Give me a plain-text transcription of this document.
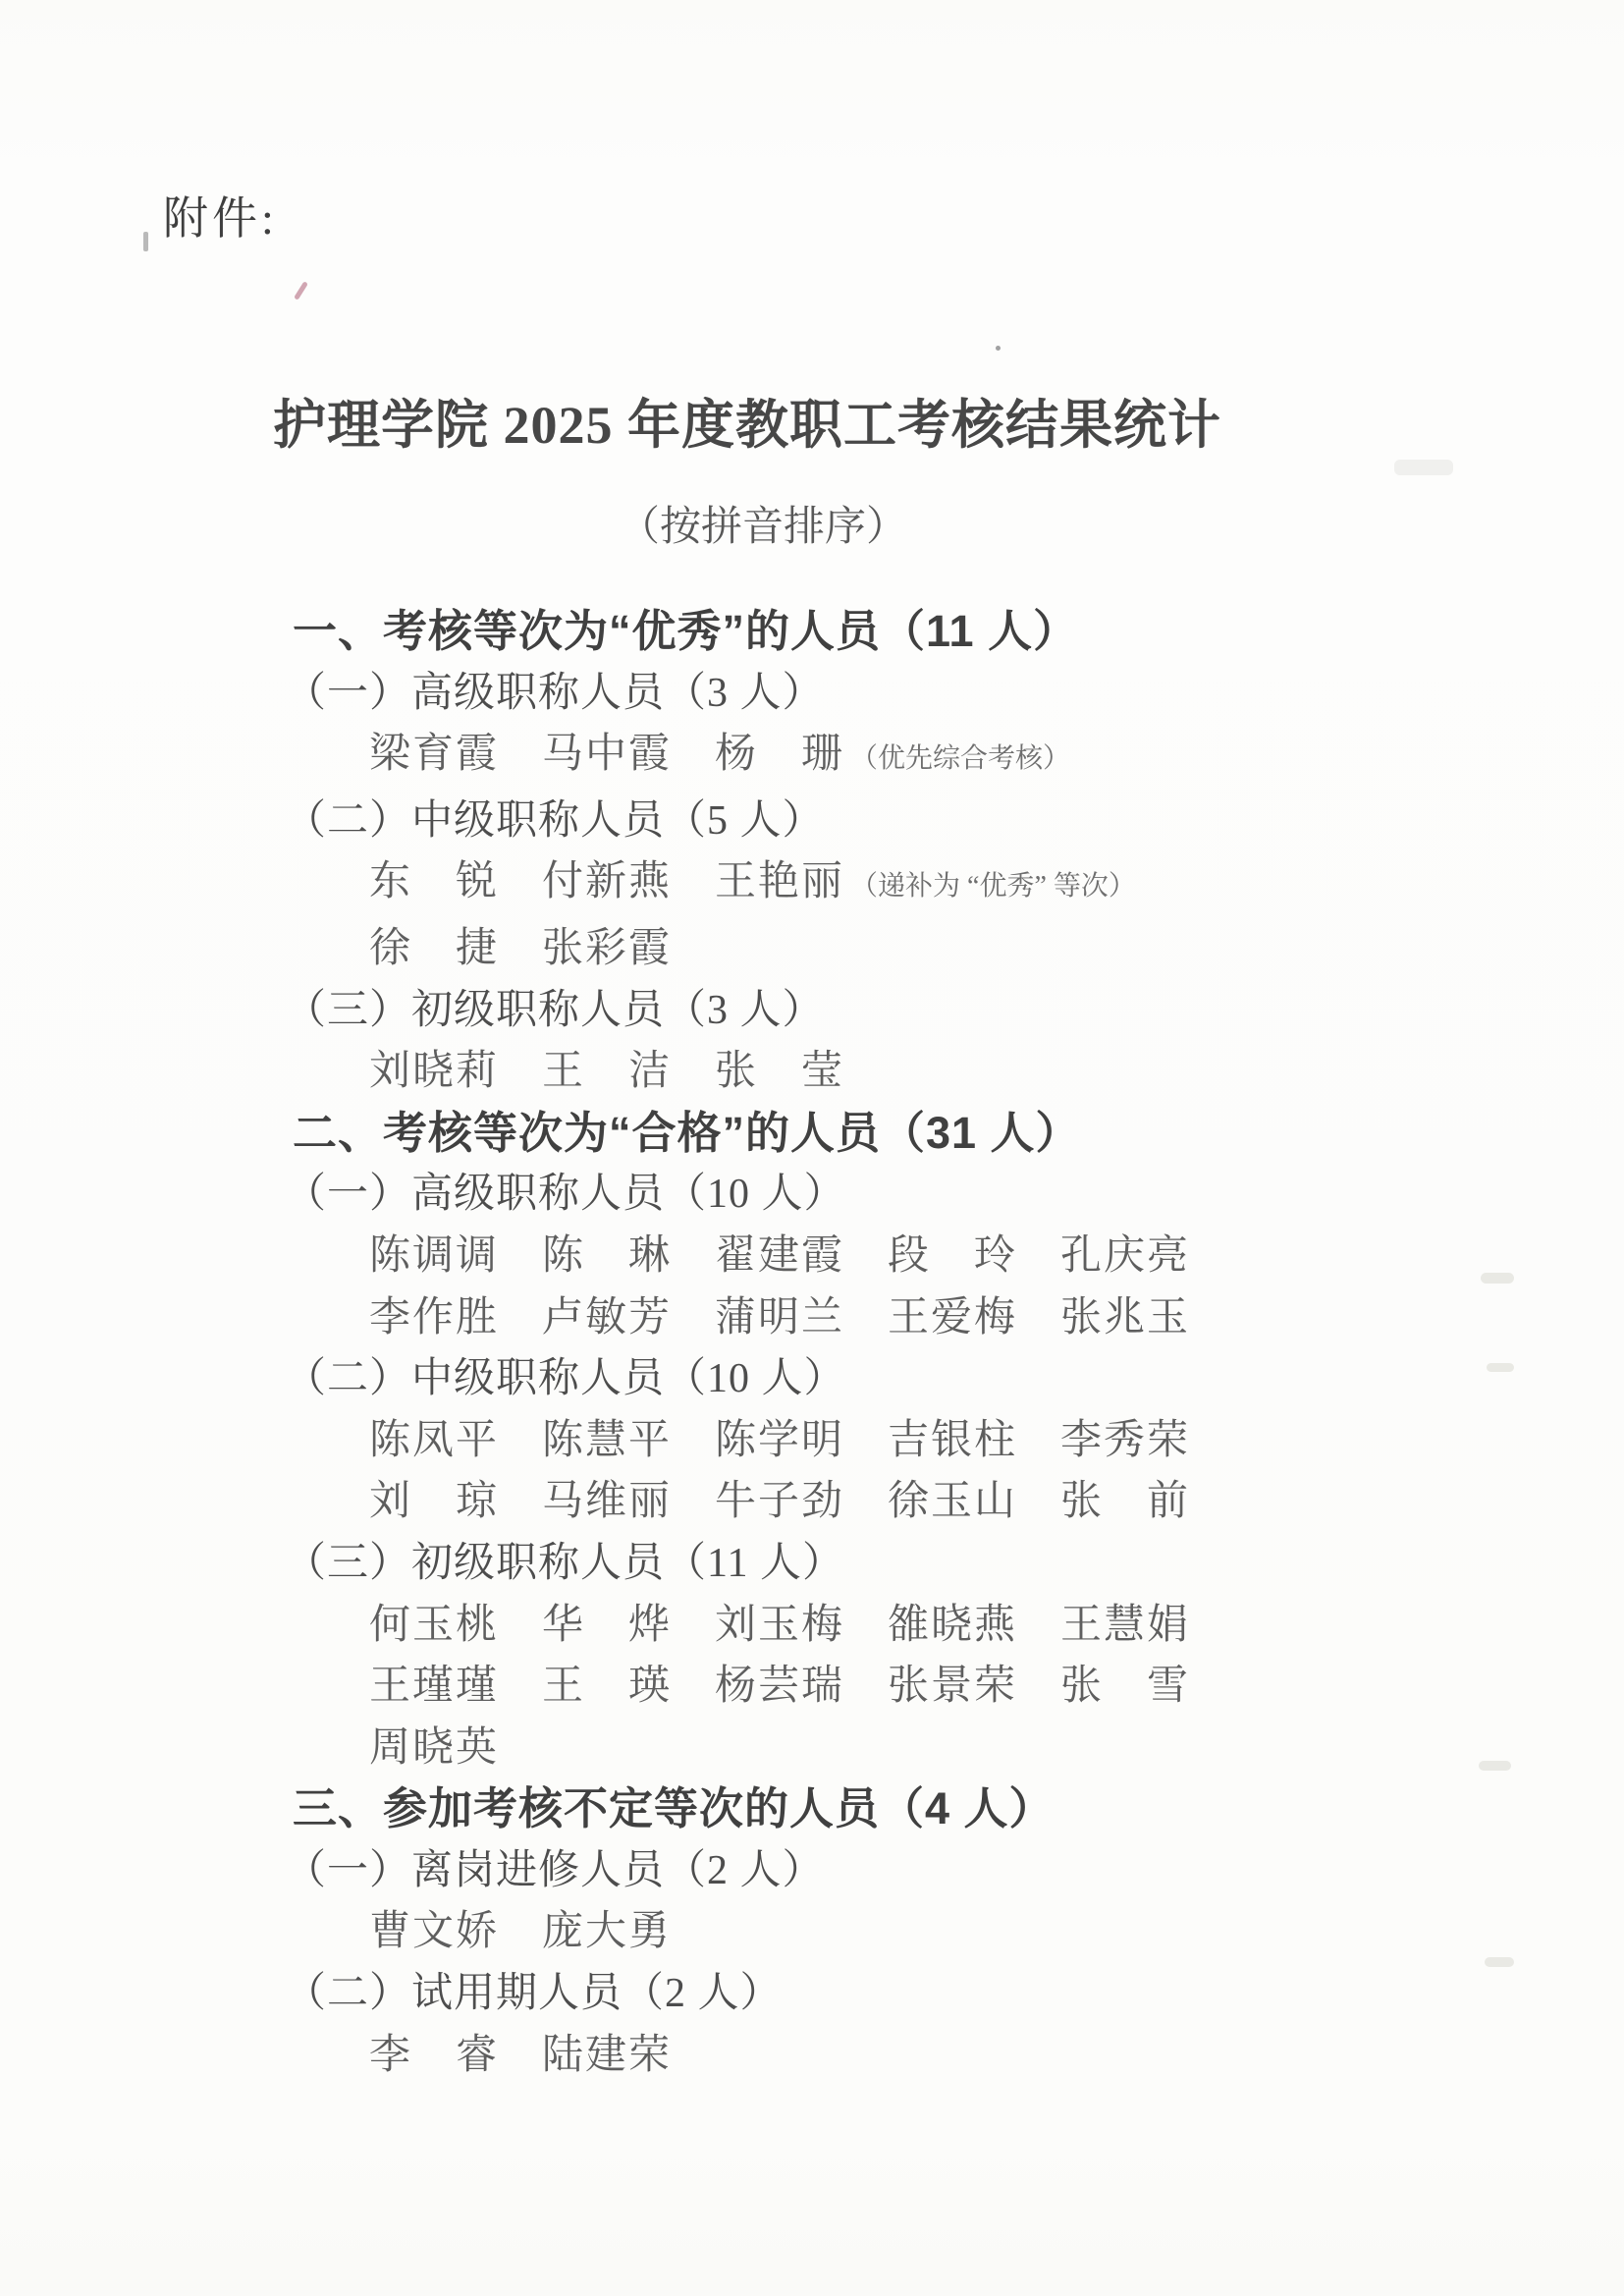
附件:
护理学院 2025 年度教职工考核结果统计
（按拼音排序）
一、考核等次为“优秀”的人员（11 人）
（一）高级职称人员（3 人）
梁育霞　马中霞　杨　珊 （优先综合考核）
（二）中级职称人员（5 人）
东　锐　付新燕　王艳丽 （递补为 “优秀” 等次）
徐　捷　张彩霞
（三）初级职称人员（3 人）
刘晓莉　王　洁　张　莹
二、考核等次为“合格”的人员（31 人）
（一）高级职称人员（10 人）
陈调调　陈　琳　翟建霞　段　玲　孔庆亮
李作胜　卢敏芳　蒲明兰　王爱梅　张兆玉
（二）中级职称人员（10 人）
陈凤平　陈慧平　陈学明　吉银柱　李秀荣
刘　琼　马维丽　牛子劲　徐玉山　张　前
（三）初级职称人员（11 人）
何玉桃　华　烨　刘玉梅　雒晓燕　王慧娟
王瑾瑾　王　瑛　杨芸瑞　张景荣　张　雪
周晓英
三、参加考核不定等次的人员（4 人）
（一）离岗进修人员（2 人）
曹文娇　庞大勇
（二）试用期人员（2 人）
李　睿　陆建荣
